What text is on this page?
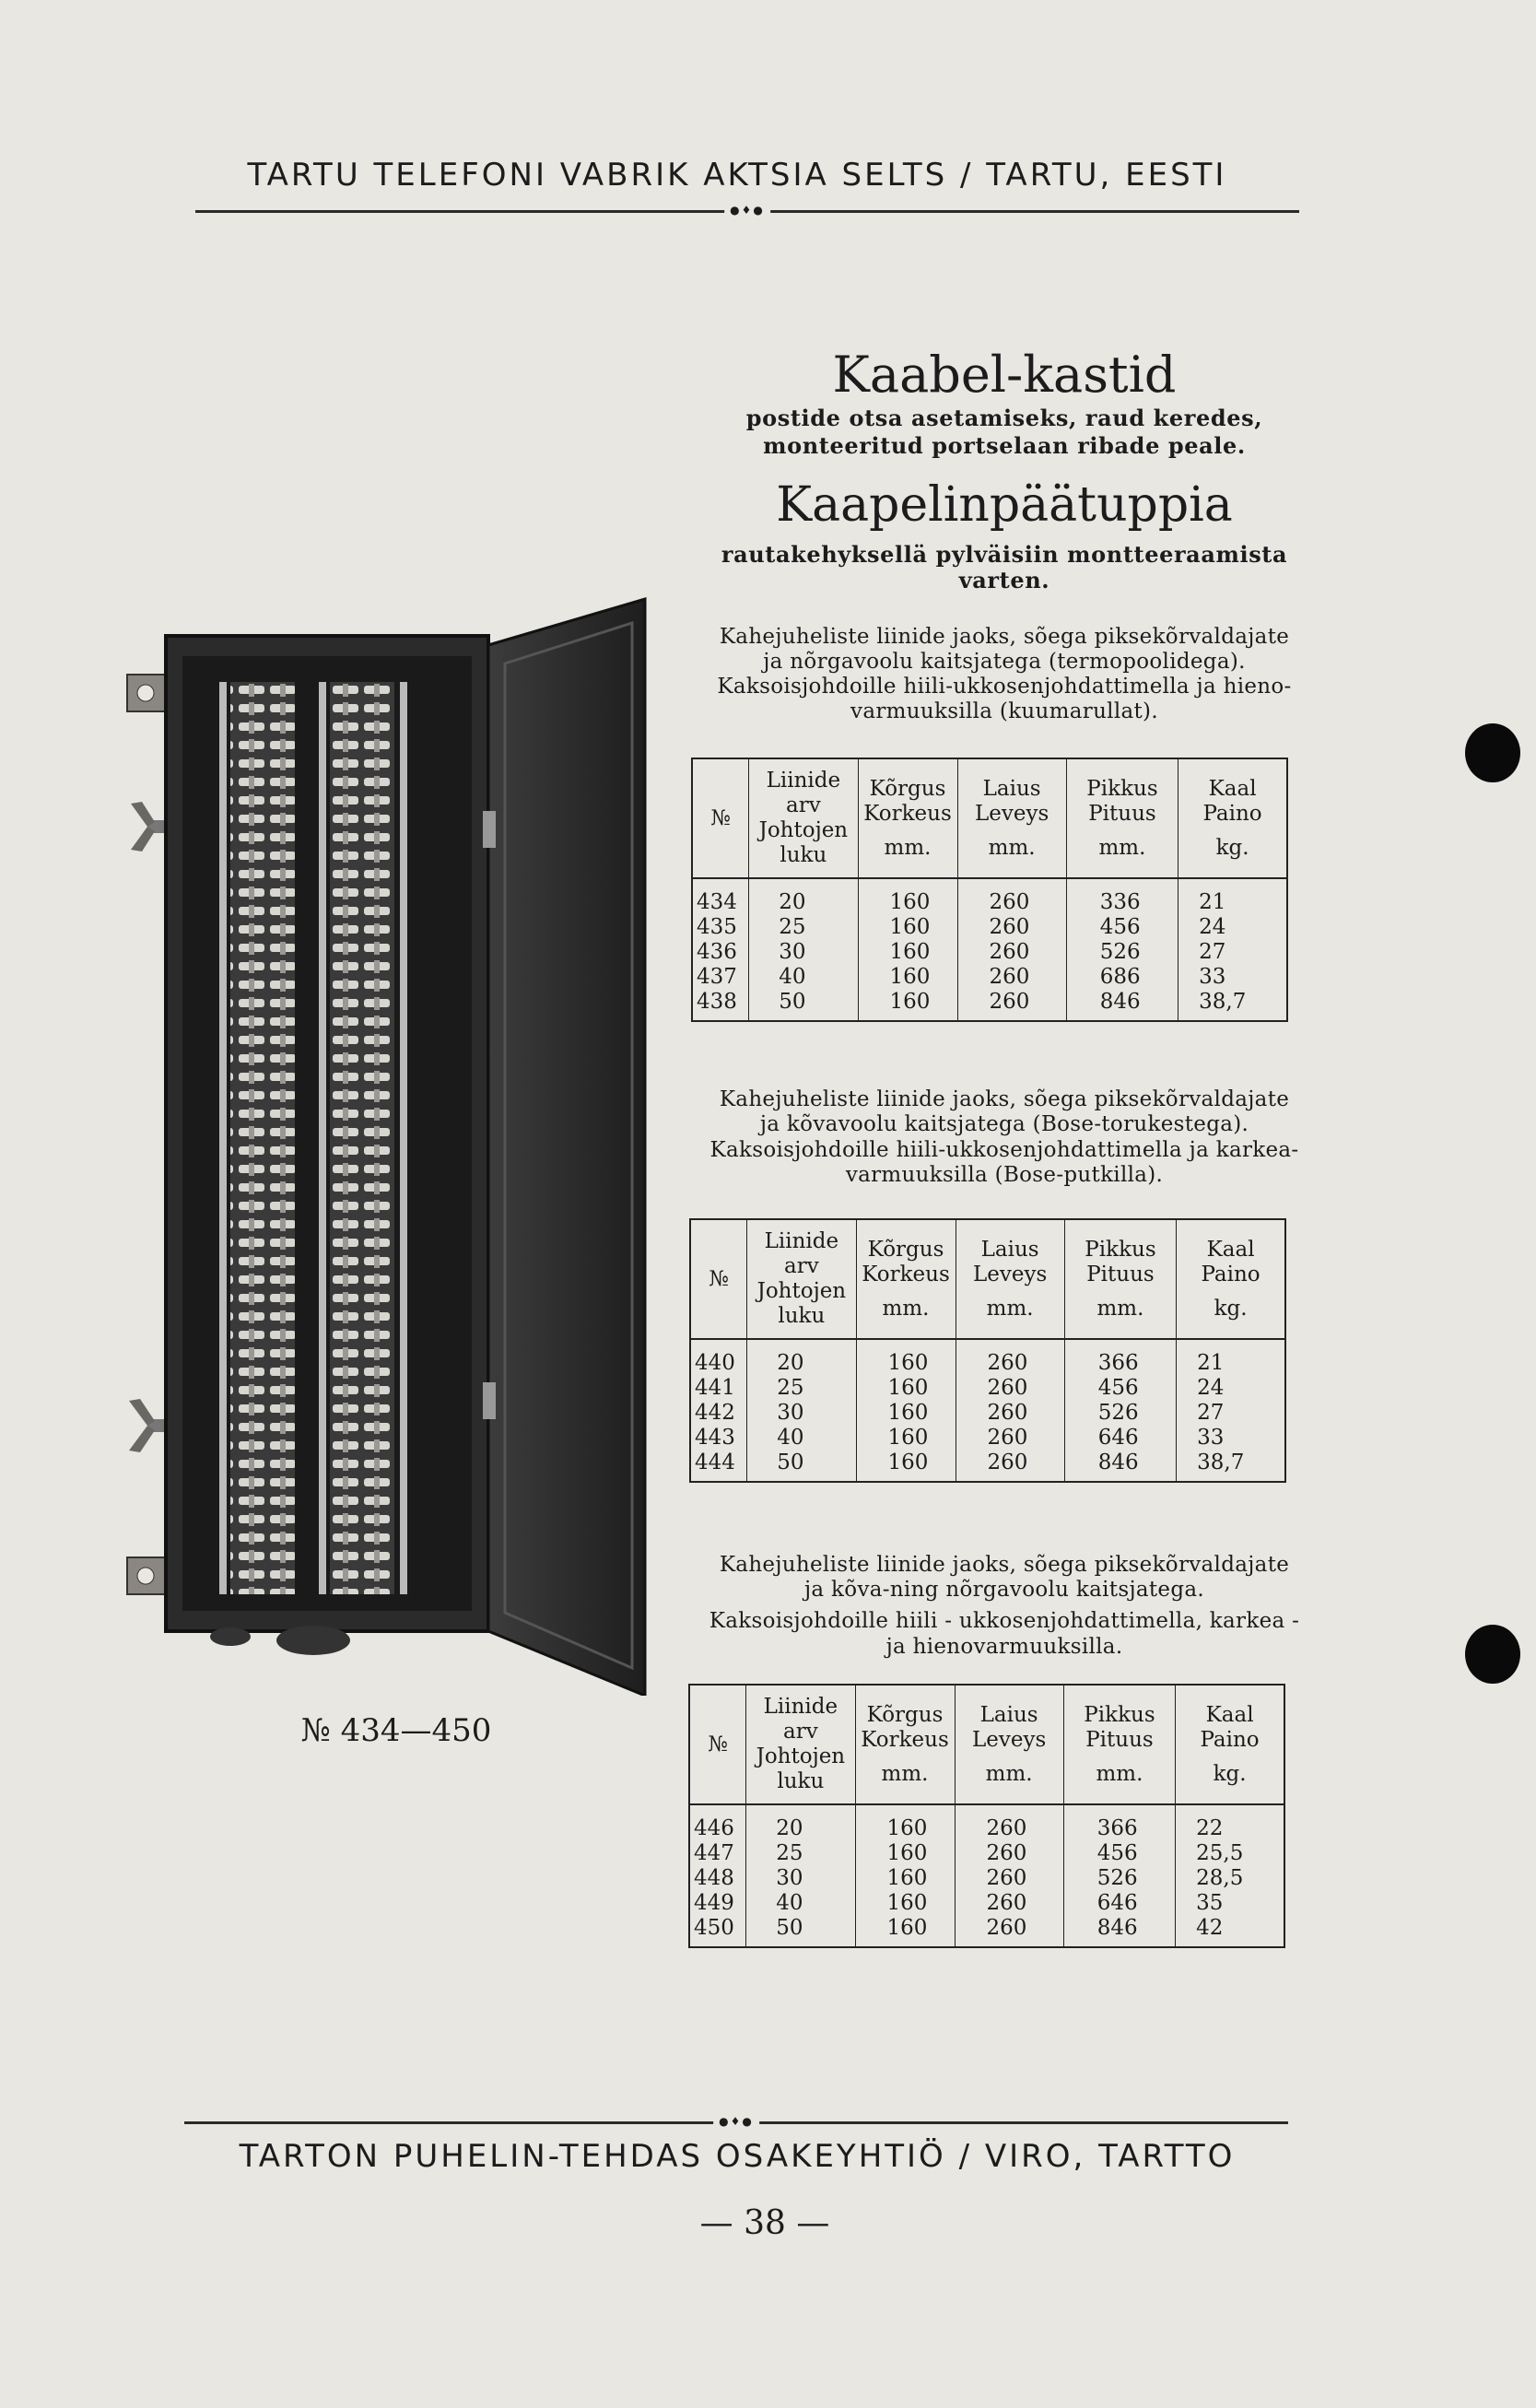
TARTU TELEFONI VABRIK AKTSIA SELTS / TARTU, EESTI
●♦●
Kaabel-kastid
postide otsa asetamiseks, raud keredes,
monteeritud portselaan ribade peale.
Kaapelinpäätuppia
rautakehyksellä pylväisiin montteeraamista
varten.
Kahejuheliste liinide jaoks, sõega piksekõrvaldajate
ja nõrgavoolu kaitsjatega (termopoolidega).
Kaksoisjohdoille hiili-ukkosenjohdattimella ja hieno-
varmuuksilla (kuumarullat).
№	Liinide
arv
Johtojen
luku	Kõrgus
Korkeus
mm.	Laius
Leveys
mm.	Pikkus
Pituus
mm.	Kaal
Paino
kg.

434	20	160	260	336	21
435	25	160	260	456	24
436	30	160	260	526	27
437	40	160	260	686	33
438	50	160	260	846	38,7
Kahejuheliste liinide jaoks, sõega piksekõrvaldajate
ja kõvavoolu kaitsjatega (Bose-torukestega).
Kaksoisjohdoille hiili-ukkosenjohdattimella ja karkea-
varmuuksilla (Bose-putkilla).
№	Liinide
arv
Johtojen
luku	Kõrgus
Korkeus
mm.	Laius
Leveys
mm.	Pikkus
Pituus
mm.	Kaal
Paino
kg.

440	20	160	260	366	21
441	25	160	260	456	24
442	30	160	260	526	27
443	40	160	260	646	33
444	50	160	260	846	38,7
Kahejuheliste liinide jaoks, sõega piksekõrvaldajate
ja kõva-ning nõrgavoolu kaitsjatega.
Kaksoisjohdoille hiili - ukkosenjohdattimella, karkea -
ja hienovarmuuksilla.
№	Liinide
arv
Johtojen
luku	Kõrgus
Korkeus
mm.	Laius
Leveys
mm.	Pikkus
Pituus
mm.	Kaal
Paino
kg.

446	20	160	260	366	22
447	25	160	260	456	25,5
448	30	160	260	526	28,5
449	40	160	260	646	35
450	50	160	260	846	42
№ 434—450
●♦●
TARTON PUHELIN-TEHDAS OSAKEYHTIÖ / VIRO, TARTTO
— 38 —
